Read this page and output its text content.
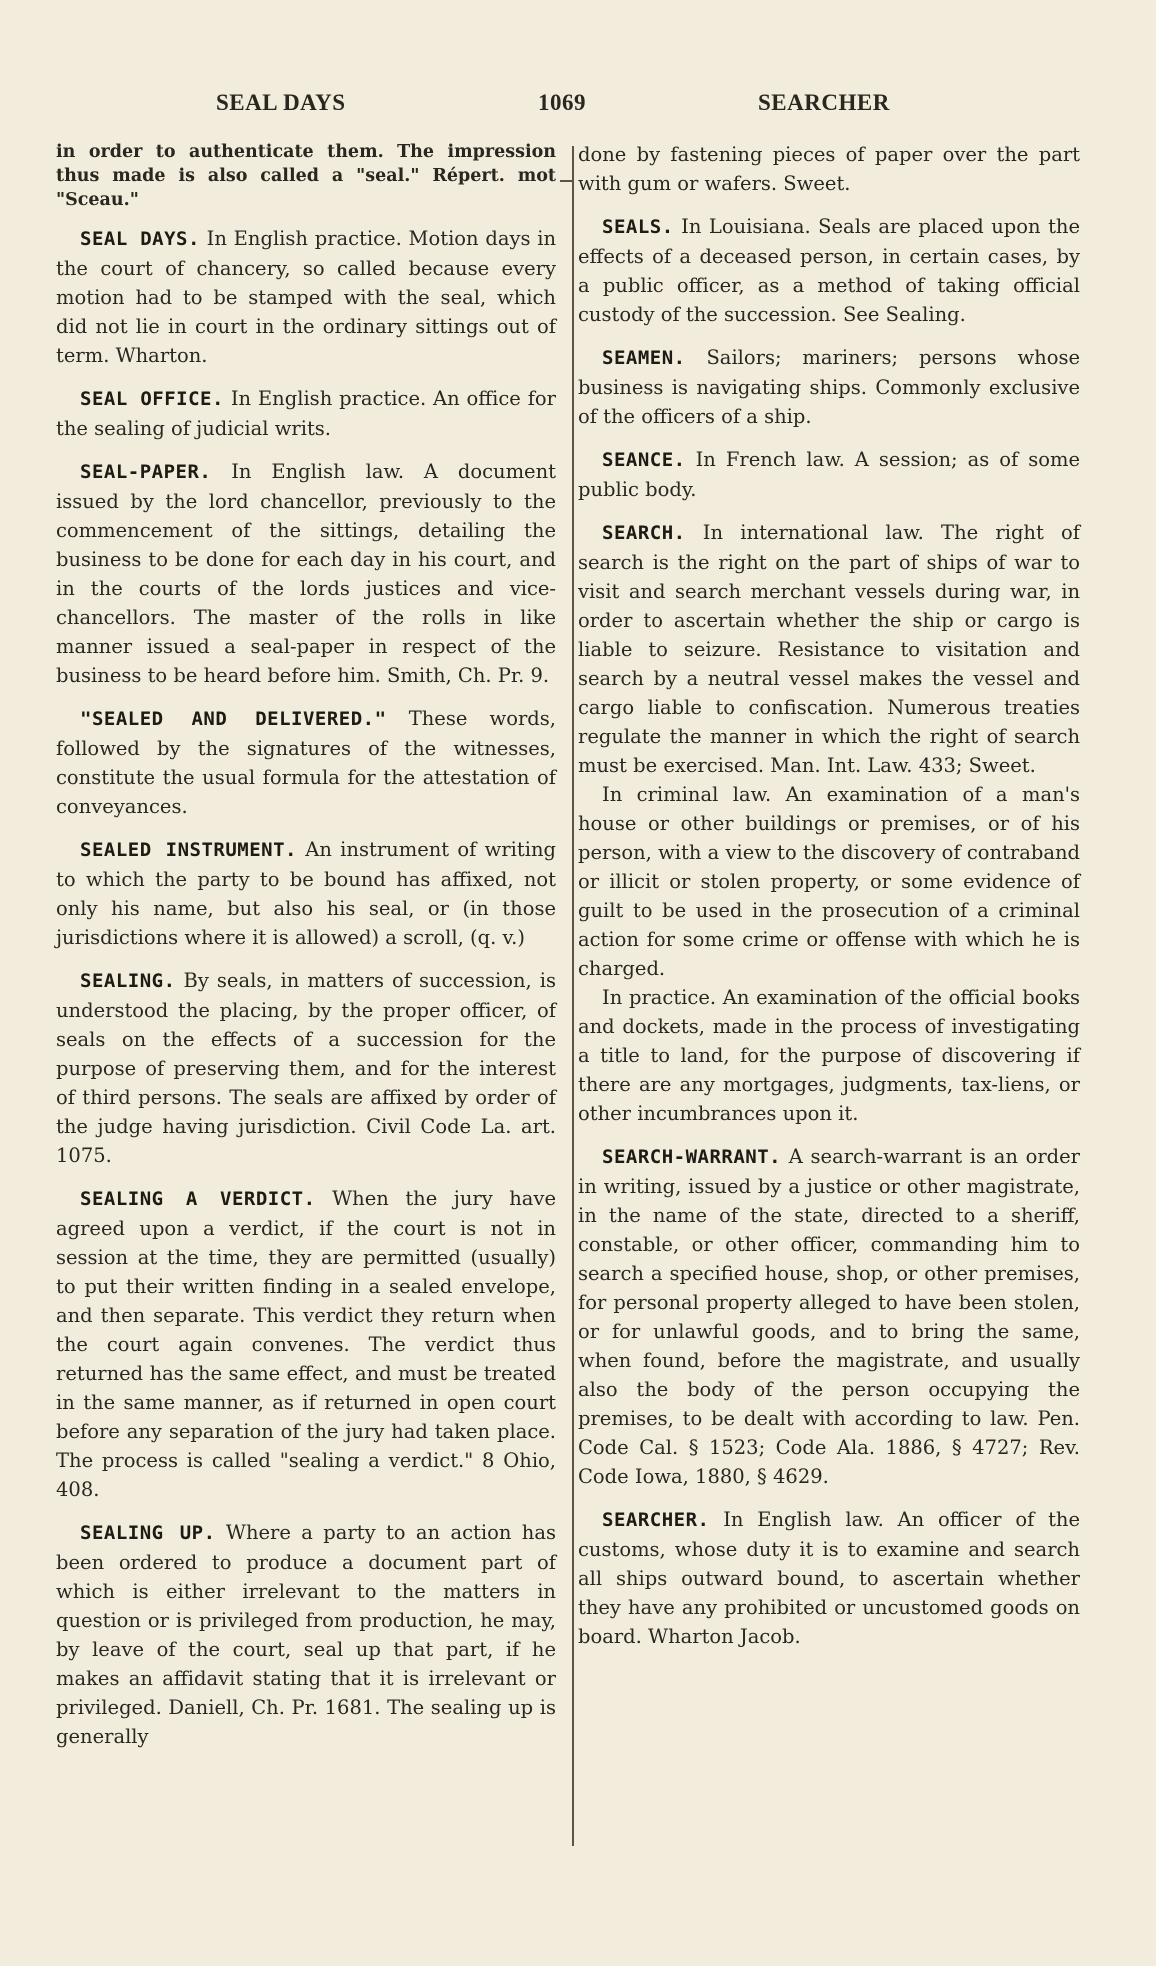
SEAL DAYS	1069	SEARCHER

in order to authenticate them. The impression thus made is also called a "seal." Répert. mot "Sceau."

SEAL DAYS. In English practice. Motion days in the court of chancery, so called because every motion had to be stamped with the seal, which did not lie in court in the ordinary sittings out of term. Wharton.

SEAL OFFICE. In English practice. An office for the sealing of judicial writs.

SEAL-PAPER. In English law. A document issued by the lord chancellor, previously to the commencement of the sittings, detailing the business to be done for each day in his court, and in the courts of the lords justices and vice-chancellors. The master of the rolls in like manner issued a seal-paper in respect of the business to be heard before him. Smith, Ch. Pr. 9.

"SEALED AND DELIVERED." These words, followed by the signatures of the witnesses, constitute the usual formula for the attestation of conveyances.

SEALED INSTRUMENT. An instrument of writing to which the party to be bound has affixed, not only his name, but also his seal, or (in those jurisdictions where it is allowed) a scroll, (q. v.)

SEALING. By seals, in matters of succession, is understood the placing, by the proper officer, of seals on the effects of a succession for the purpose of preserving them, and for the interest of third persons. The seals are affixed by order of the judge having jurisdiction. Civil Code La. art. 1075.

SEALING A VERDICT. When the jury have agreed upon a verdict, if the court is not in session at the time, they are permitted (usually) to put their written finding in a sealed envelope, and then separate. This verdict they return when the court again convenes. The verdict thus returned has the same effect, and must be treated in the same manner, as if returned in open court before any separation of the jury had taken place. The process is called "sealing a verdict." 8 Ohio, 408.

SEALING UP. Where a party to an action has been ordered to produce a document part of which is either irrelevant to the matters in question or is privileged from production, he may, by leave of the court, seal up that part, if he makes an affidavit stating that it is irrelevant or privileged. Daniell, Ch. Pr. 1681. The sealing up is generally

done by fastening pieces of paper over the part with gum or wafers. Sweet.

SEALS. In Louisiana. Seals are placed upon the effects of a deceased person, in certain cases, by a public officer, as a method of taking official custody of the succession. See Sealing.

SEAMEN. Sailors; mariners; persons whose business is navigating ships. Commonly exclusive of the officers of a ship.

SEANCE. In French law. A session; as of some public body.

SEARCH. In international law. The right of search is the right on the part of ships of war to visit and search merchant vessels during war, in order to ascertain whether the ship or cargo is liable to seizure. Resistance to visitation and search by a neutral vessel makes the vessel and cargo liable to confiscation. Numerous treaties regulate the manner in which the right of search must be exercised. Man. Int. Law. 433; Sweet.

In criminal law. An examination of a man's house or other buildings or premises, or of his person, with a view to the discovery of contraband or illicit or stolen property, or some evidence of guilt to be used in the prosecution of a criminal action for some crime or offense with which he is charged.

In practice. An examination of the official books and dockets, made in the process of investigating a title to land, for the purpose of discovering if there are any mortgages, judgments, tax-liens, or other incumbrances upon it.

SEARCH-WARRANT. A search-warrant is an order in writing, issued by a justice or other magistrate, in the name of the state, directed to a sheriff, constable, or other officer, commanding him to search a specified house, shop, or other premises, for personal property alleged to have been stolen, or for unlawful goods, and to bring the same, when found, before the magistrate, and usually also the body of the person occupying the premises, to be dealt with according to law. Pen. Code Cal. § 1523; Code Ala. 1886, § 4727; Rev. Code Iowa, 1880, § 4629.

SEARCHER. In English law. An officer of the customs, whose duty it is to examine and search all ships outward bound, to ascertain whether they have any prohibited or uncustomed goods on board. Wharton Jacob.
